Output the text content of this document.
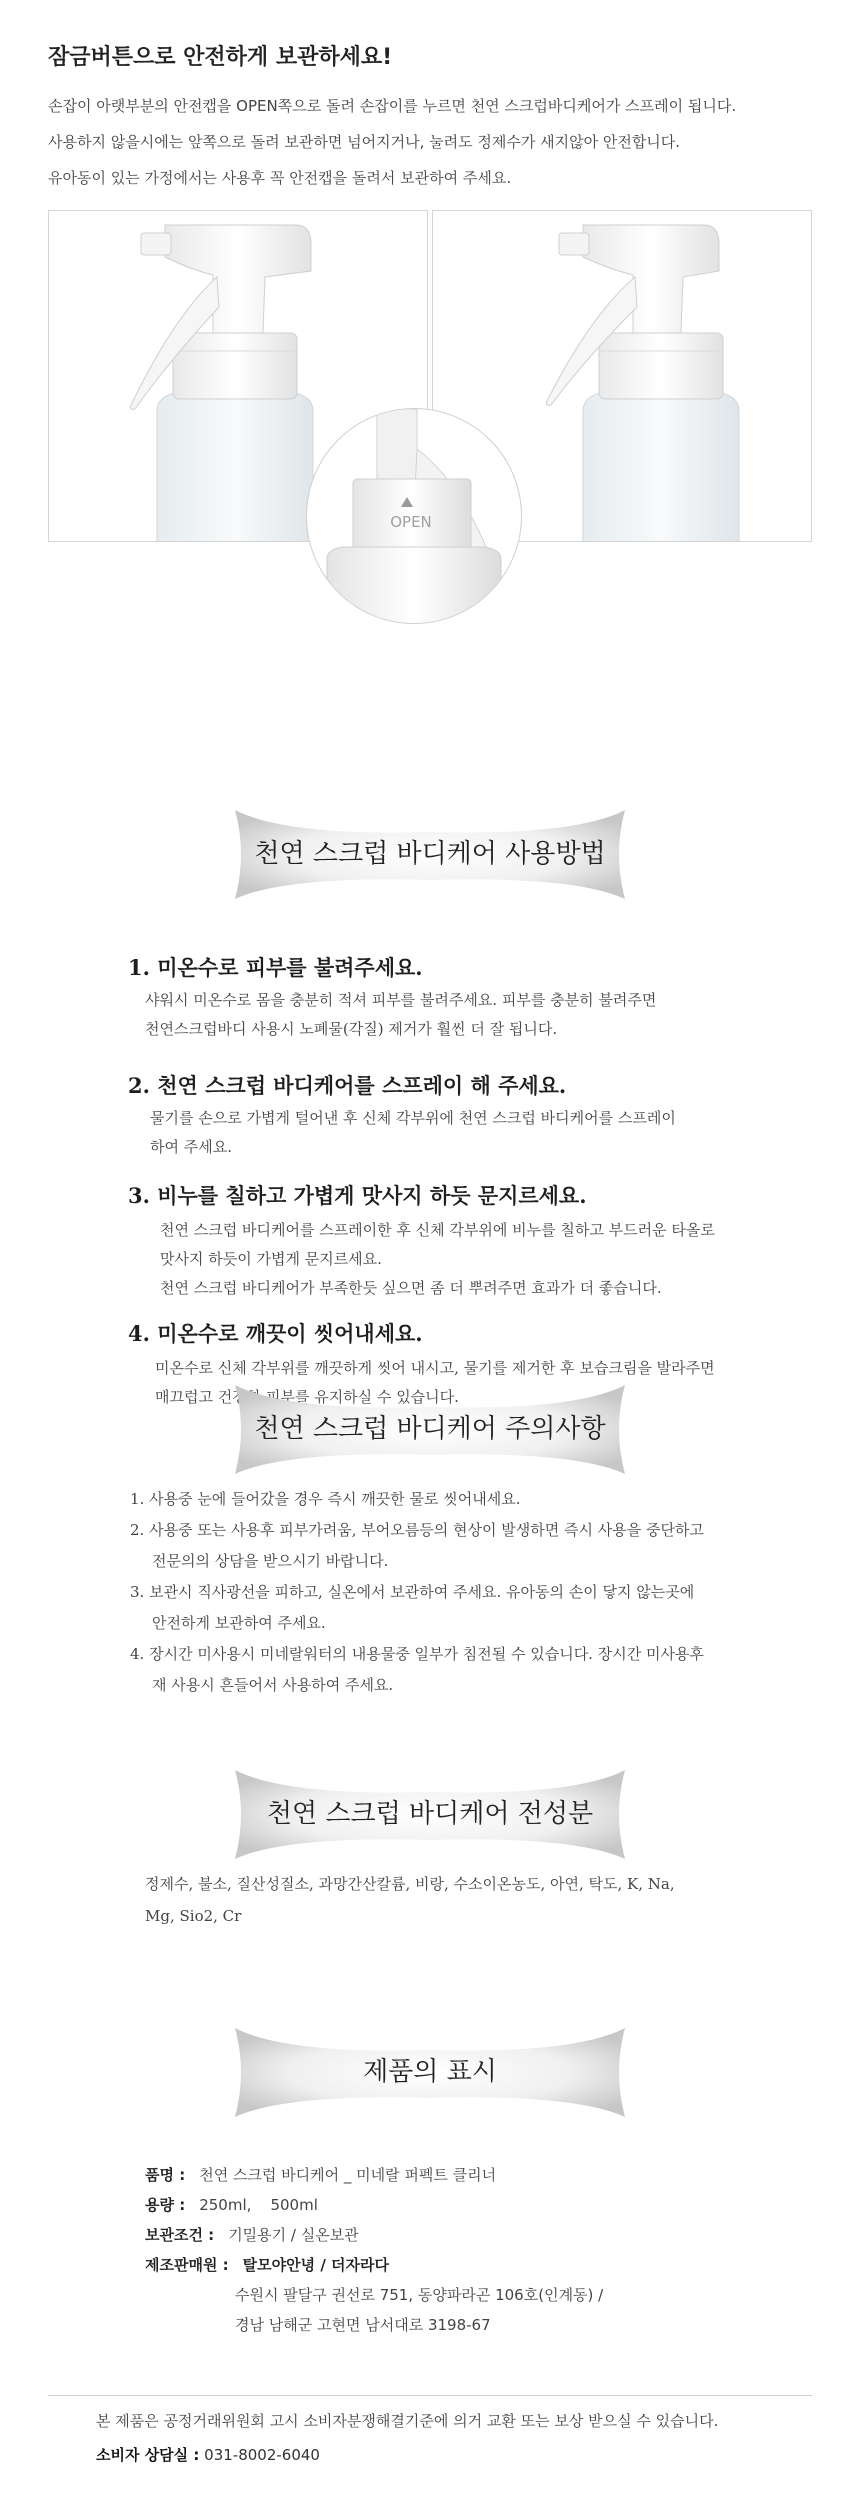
잠금버튼으로 안전하게 보관하세요!
손잡이 아랫부분의 안전캡을 OPEN쪽으로 돌려 손잡이를 누르면 천연 스크럽바디케어가 스프레이 됩니다.
사용하지 않을시에는 앞쪽으로 돌려 보관하면 넘어지거나, 눌려도 정제수가 새지않아 안전합니다.
유아동이 있는 가정에서는 사용후 꼭 안전캡을 돌려서 보관하여 주세요.
OPEN
천연 스크럽 바디케어 사용방법
1. 미온수로 피부를 불려주세요.
샤워시 미온수로 몸을 충분히 적셔 피부를 불려주세요. 피부를 충분히 불려주면
천연스크럽바디 사용시 노폐물(각질) 제거가 훨씬 더 잘 됩니다.
2. 천연 스크럽 바디케어를 스프레이 해 주세요.
물기를 손으로 가볍게 털어낸 후 신체 각부위에 천연 스크럽 바디케어를 스프레이
하여 주세요.
3. 비누를 칠하고 가볍게 맛사지 하듯 문지르세요.
천연 스크럽 바디케어를 스프레이한 후 신체 각부위에 비누를 칠하고 부드러운 타올로
맛사지 하듯이 가볍게 문지르세요.
천연 스크럽 바디케어가 부족한듯 싶으면 좀 더 뿌려주면 효과가 더 좋습니다.
4. 미온수로 깨끗이 씻어내세요.
미온수로 신체 각부위를 깨끗하게 씻어 내시고, 물기를 제거한 후 보습크림을 발라주면
매끄럽고 건강한 피부를 유지하실 수 있습니다.
천연 스크럽 바디케어 주의사항
1. 사용중 눈에 들어갔을 경우 즉시 깨끗한 물로 씻어내세요.
2. 사용중 또는 사용후 피부가려움, 부어오름등의 현상이 발생하면 즉시 사용을 중단하고
전문의의 상담을 받으시기 바랍니다.
3. 보관시 직사광선을 피하고, 실온에서 보관하여 주세요. 유아동의 손이 닿지 않는곳에
안전하게 보관하여 주세요.
4. 장시간 미사용시 미네랄워터의 내용물중 일부가 침전될 수 있습니다. 장시간 미사용후
재 사용시 흔들어서 사용하여 주세요.
천연 스크럽 바디케어 전성분
정제수, 불소, 질산성질소, 과망간산칼륨, 비랑, 수소이온농도, 아연, 탁도, K, Na,
Mg, Sio2, Cr
제품의 표시
품명 : 천연 스크럽 바디케어 _ 미네랄 퍼펙트 클리너
용량 : 250ml,    500ml
보관조건 : 기밀용기 / 실온보관
제조판매원 : 탈모야안녕 / 더자라다
수원시 팔달구 권선로 751, 동양파라곤 106호(인계동) /
경남 남해군 고현면 남서대로 3198-67
본 제품은 공정거래위원회 고시 소비자분쟁해결기준에 의거 교환 또는 보상 받으실 수 있습니다.
소비자 상담실 : 031-8002-6040
